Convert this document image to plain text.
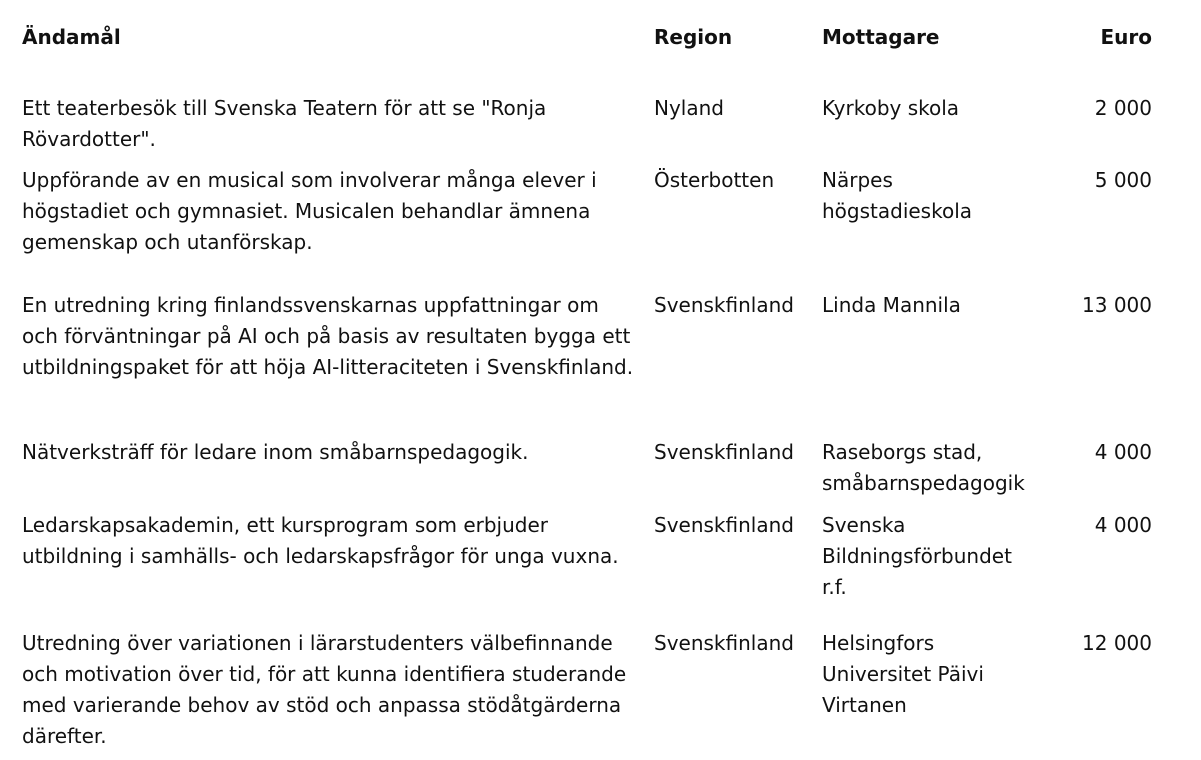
Ändamål	Region	Mottagare	Euro

Ett teaterbesök till Svenska Teatern för att se "Ronja Rövardotter".	Nyland	Kyrkoby skola	2 000

Uppförande av en musical som involverar många elever i högstadiet och gymnasiet. Musicalen behandlar ämnena gemenskap och utanförskap.	Österbotten	Närpes högstadieskola	5 000

En utredning kring finlandssvenskarnas uppfattningar om och förväntningar på AI och på basis av resultaten bygga ett utbildningspaket för att höja AI-litteraciteten i Svenskfinland.	Svenskfinland	Linda Mannila	13 000

Nätverksträff för ledare inom småbarnspedagogik.	Svenskfinland	Raseborgs stad, småbarnspedagogik	4 000

Ledarskapsakademin, ett kursprogram som erbjuder utbildning i samhälls- och ledarskapsfrågor för unga vuxna.	Svenskfinland	Svenska Bildningsförbundet r.f.	4 000

Utredning över variationen i lärarstudenters välbefinnande och motivation över tid, för att kunna identifiera studerande med varierande behov av stöd och anpassa stödåtgärderna därefter.	Svenskfinland	Helsingfors Universitet Päivi Virtanen	12 000
